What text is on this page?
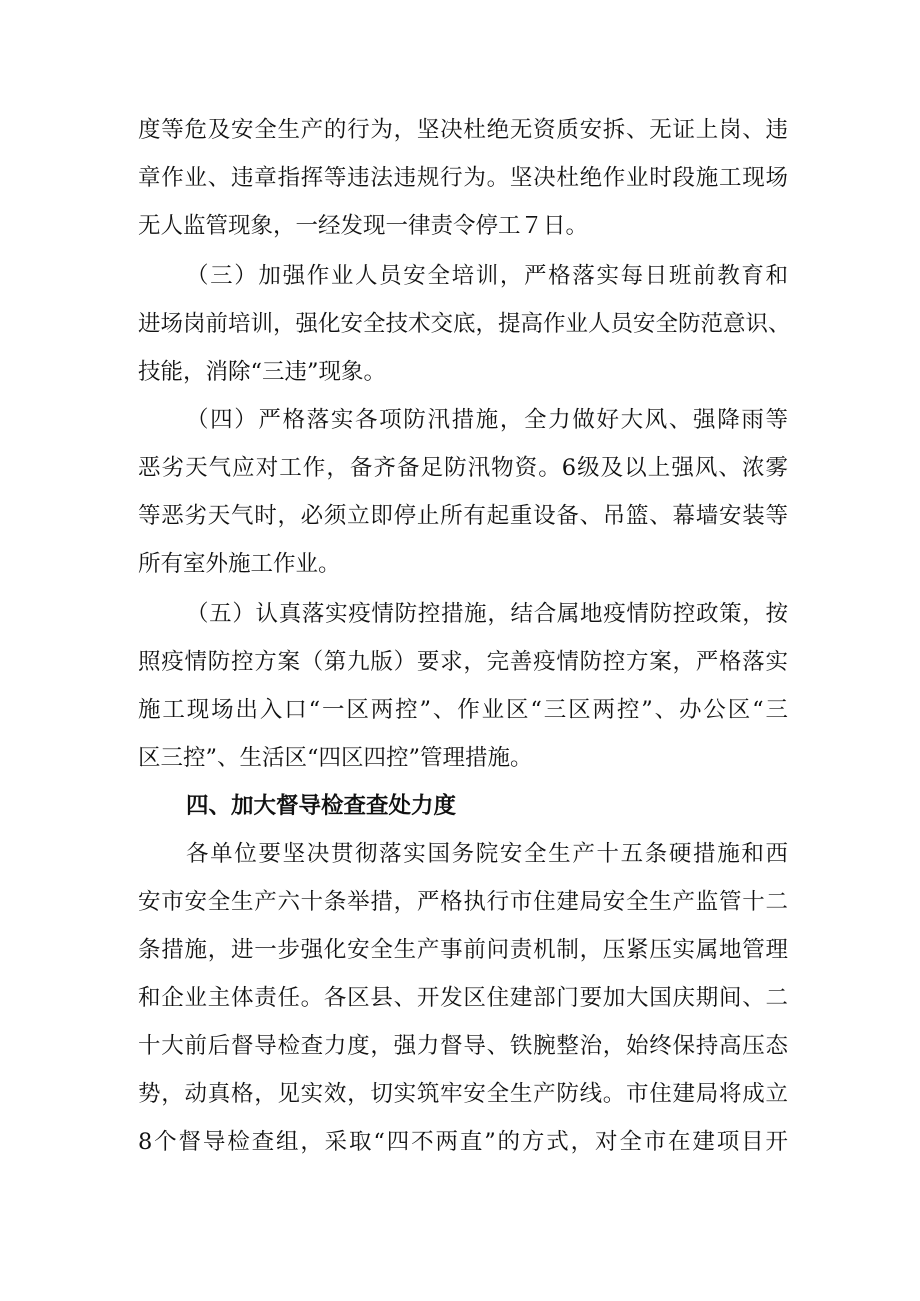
度等危及安全生产的行为，坚决杜绝无资质安拆、无证上岗、违
章作业、违章指挥等违法违规行为。坚决杜绝作业时段施工现场
无人监管现象，一经发现一律责令停工７日。
（三）加强作业人员安全培训，严格落实每日班前教育和
进场岗前培训，强化安全技术交底，提高作业人员安全防范意识、
技能，消除“三违”现象。
（四）严格落实各项防汛措施，全力做好大风、强降雨等
恶劣天气应对工作，备齐备足防汛物资。6级及以上强风、浓雾
等恶劣天气时，必须立即停止所有起重设备、吊篮、幕墙安装等
所有室外施工作业。
（五）认真落实疫情防控措施，结合属地疫情防控政策，按
照疫情防控方案（第九版）要求，完善疫情防控方案，严格落实
施工现场出入口“一区两控”、作业区“三区两控”、办公区“三
区三控”、生活区“四区四控”管理措施。
四、加大督导检查查处力度
各单位要坚决贯彻落实国务院安全生产十五条硬措施和西
安市安全生产六十条举措，严格执行市住建局安全生产监管十二
条措施，进一步强化安全生产事前问责机制，压紧压实属地管理
和企业主体责任。各区县、开发区住建部门要加大国庆期间、二
十大前后督导检查力度，强力督导、铁腕整治，始终保持高压态
势，动真格，见实效，切实筑牢安全生产防线。市住建局将成立
8个督导检查组，采取“四不两直”的方式，对全市在建项目开
